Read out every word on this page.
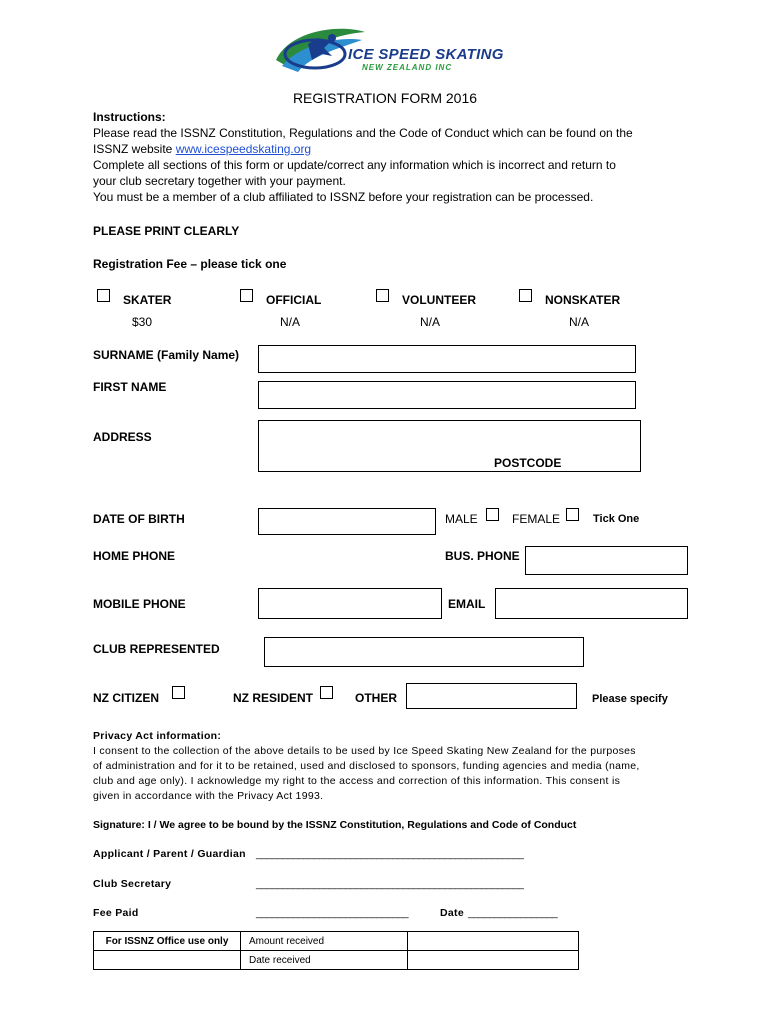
ICE SPEED SKATING
NEW ZEALAND INC
REGISTRATION FORM 2016
Instructions:
Please read the ISSNZ Constitution, Regulations and the Code of Conduct which can be found on the
ISSNZ website www.icespeedskating.org
Complete all sections of this form or update/correct any information which is incorrect and return to
your club secretary together with your payment.
You must be a member of a club affiliated to ISSNZ before your registration can be processed.
PLEASE PRINT CLEARLY
Registration Fee – please tick one
SKATER
$30
OFFICIAL
N/A
VOLUNTEER
N/A
NONSKATER
N/A
SURNAME (Family Name)
FIRST NAME
ADDRESS
POSTCODE
DATE OF BIRTH	MALE	FEMALE	Tick One
HOME PHONE	BUS. PHONE
MOBILE PHONE	EMAIL
CLUB REPRESENTED
NZ CITIZEN	NZ RESIDENT	OTHER	Please specify
Privacy Act information:
I consent to the collection of the above details to be used by Ice Speed Skating New Zealand for the purposes
of administration and for it to be retained, used and disclosed to sponsors, funding agencies and media (name,
club and age only). I acknowledge my right to the access and correction of this information. This consent is
given in accordance with the Privacy Act 1993.
Signature: I / We agree to be bound by the ISSNZ Constitution, Regulations and Code of Conduct
Applicant / Parent / Guardian ___________________________________________________
Club Secretary	___________________________________________________
Fee Paid	_____________________________	Date _________________
For ISSNZ Office use only	Amount received	
	Date received	
